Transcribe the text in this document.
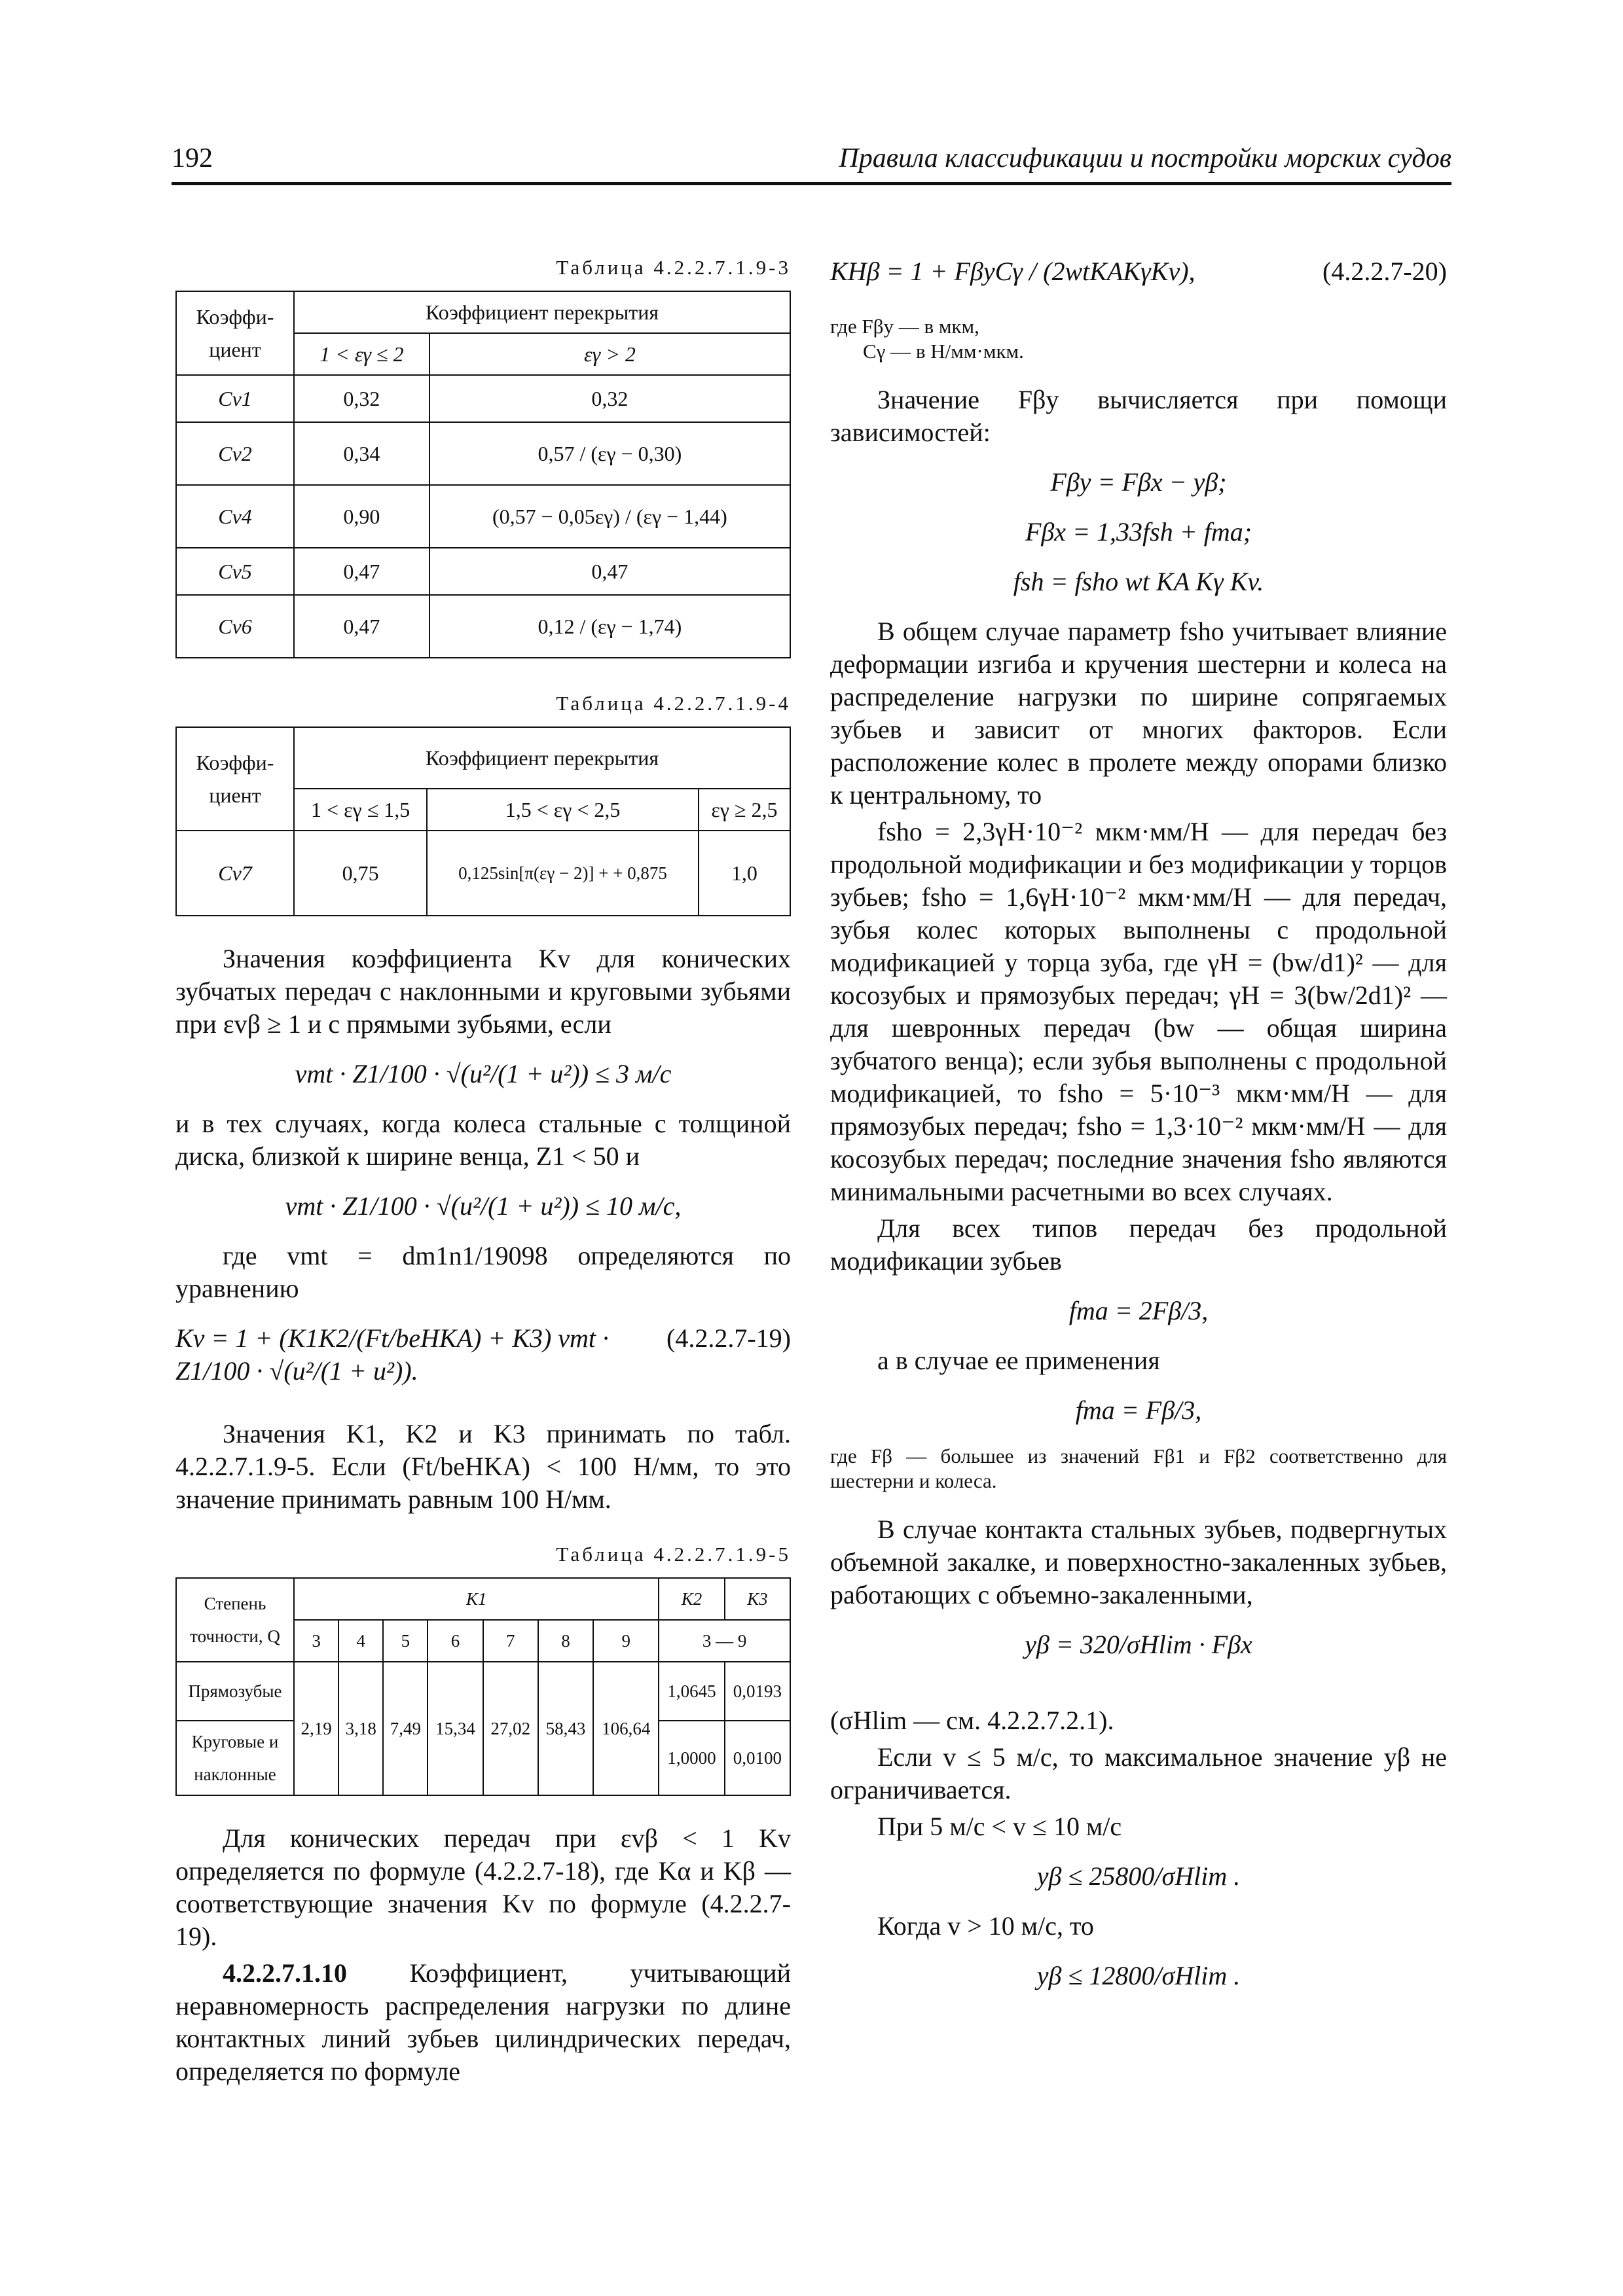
192	Правила классификации и постройки морских судов
Таблица 4.2.2.7.1.9-3
Коэффи-циент	Коэффициент перекрытия	
	1 < εγ ≤ 2	εγ > 2
Cv1	0,32	0,32
Cv2	0,34	0,57 / (εγ − 0,30)
Cv4	0,90	(0,57 − 0,05εγ) / (εγ − 1,44)
Cv5	0,47	0,47
Cv6	0,47	0,12 / (εγ − 1,74)
Таблица 4.2.2.7.1.9-4
Коэффи-циент	Коэффициент перекрытия		
	1 < εγ ≤ 1,5	1,5 < εγ < 2,5	εγ ≥ 2,5
Cv7	0,75	0,125sin[π(εγ − 2)] + + 0,875	1,0

Значения коэффициента Kv для конических зубчатых передач с наклонными и круговыми зубьями при εvβ ≥ 1 и с прямыми зубьями, если

vmt · Z1/100 · √(u²/(1 + u²)) ≤ 3 м/с

и в тех случаях, когда колеса стальные с толщиной диска, близкой к ширине венца, Z1 < 50 и

vmt · Z1/100 · √(u²/(1 + u²)) ≤ 10 м/с,

где vmt = dm1n1/19098 определяются по уравнению

(4.2.2.7-19)
Kv = 1 + (K1K2/(Ft/beHKA) + K3) vmt · Z1/100 · √(u²/(1 + u²)).

Значения K1, K2 и K3 принимать по табл. 4.2.2.7.1.9-5. Если (Ft/beHKA) < 100 Н/мм, то это значение принимать равным 100 Н/мм.

Таблица 4.2.2.7.1.9-5
Степень точности, Q	K1							K2	K3
	3	4	5	6	7	8	9	3 — 9	
Прямозубые	2,19	3,18	7,49	15,34	27,02	58,43	106,64	1,0645	0,0193
Круговые и наклонные								1,0000	0,0100

Для конических передач при εvβ < 1 Kv определяется по формуле (4.2.2.7-18), где Kα и Kβ — соответствующие значения Kv по формуле (4.2.2.7-19).

4.2.2.7.1.10 Коэффициент, учитывающий неравномерность распределения нагрузки по длине контактных линий зубьев цилиндрических передач, определяется по формуле

(4.2.2.7-20)
KHβ = 1 + FβyCγ / (2wtKAKγKv),
где Fβy — в мкм,
Cγ — в Н/мм·мкм.

Значение Fβy вычисляется при помощи зависимостей:

Fβy = Fβx − yβ;
Fβx = 1,33fsh + fma;
fsh = fsho wt KA Kγ Kv.

В общем случае параметр fsho учитывает влияние деформации изгиба и кручения шестерни и колеса на распределение нагрузки по ширине сопрягаемых зубьев и зависит от многих факторов. Если расположение колес в пролете между опорами близко к центральному, то

fsho = 2,3γH·10⁻² мкм·мм/Н — для передач без продольной модификации и без модификации у торцов зубьев; fsho = 1,6γH·10⁻² мкм·мм/Н — для передач, зубья колес которых выполнены с продольной модификацией у торца зуба, где γH = (bw/d1)² — для косозубых и прямозубых передач; γH = 3(bw/2d1)² — для шевронных передач (bw — общая ширина зубчатого венца); если зубья выполнены с продольной модификацией, то fsho = 5·10⁻³ мкм·мм/Н — для прямозубых передач; fsho = 1,3·10⁻² мкм·мм/Н — для косозубых передач; последние значения fsho являются минимальными расчетными во всех случаях.

Для всех типов передач без продольной модификации зубьев

fma = 2Fβ/3,

а в случае ее применения

fma = Fβ/3,
где Fβ — большее из значений Fβ1 и Fβ2 соответственно для шестерни и колеса.

В случае контакта стальных зубьев, подвергнутых объемной закалке, и поверхностно-закаленных зубьев, работающих с объемно-закаленными,

yβ = 320/σHlim · Fβx

(σHlim — см. 4.2.2.7.2.1).

Если v ≤ 5 м/с, то максимальное значение yβ не ограничивается.

При 5 м/с < v ≤ 10 м/с

yβ ≤ 25800/σHlim .

Когда v > 10 м/с, то

yβ ≤ 12800/σHlim .
